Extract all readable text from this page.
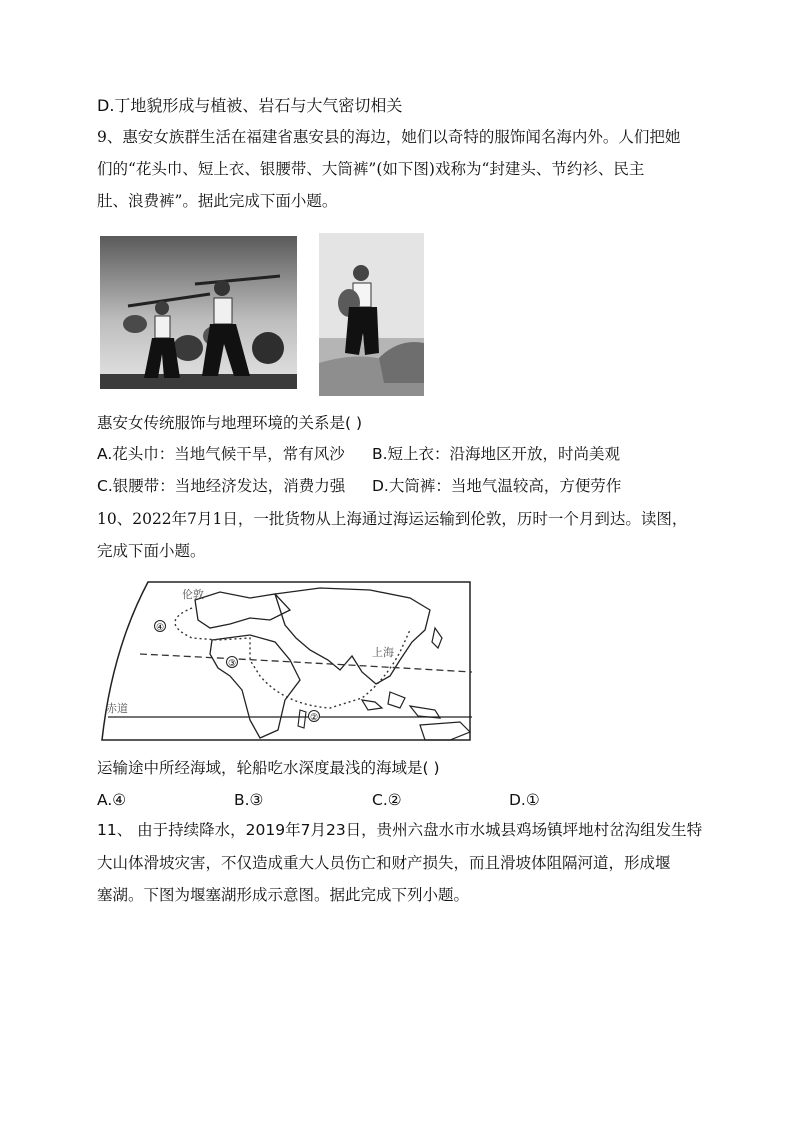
D.丁地貌形成与植被、岩石与大气密切相关
9、惠安女族群生活在福建省惠安县的海边，她们以奇特的服饰闻名海内外。人们把她
们的“花头巾、短上衣、银腰带、大筒裤”(如下图)戏称为“封建头、节约衫、民主
肚、浪费裤”。据此完成下面小题。
惠安女传统服饰与地理环境的关系是( )
A.花头巾：当地气候干旱，常有风沙 B.短上衣：沿海地区开放，时尚美观
C.银腰带：当地经济发达，消费力强 D.大筒裤：当地气温较高，方便劳作
10、2022年7月1日，一批货物从上海通过海运运输到伦敦，历时一个月到达。读图，
完成下面小题。
④
③
②
伦敦
上海
赤道
运输途中所经海域，轮船吃水深度最浅的海域是( )
A.④	B.③	C.②	D.①
11、 由于持续降水，2019年7月23日，贵州六盘水市水城县鸡场镇坪地村岔沟组发生特
大山体滑坡灾害，不仅造成重大人员伤亡和财产损失，而且滑坡体阻隔河道，形成堰
塞湖。下图为堰塞湖形成示意图。据此完成下列小题。
